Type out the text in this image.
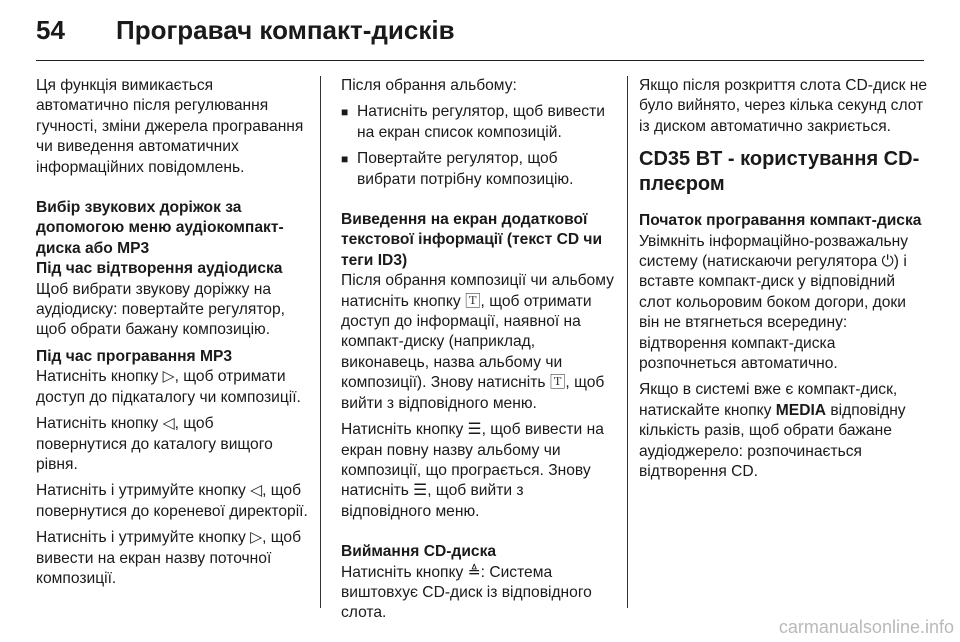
54	Програвач компакт-дисків

Ця функція вимикається автоматично після регулювання гучності, зміни джерела програвання чи виведення автоматичних інформаційних повідомлень.

Вибір звукових доріжок за допомогою меню аудіокомпакт-диска або MP3
Під час відтворення аудіодиска

Щоб вибрати звукову доріжку на аудіодиску: повертайте регулятор, щоб обрати бажану композицію.

Під час програвання MP3

Натисніть кнопку ▷, щоб отримати доступ до підкаталогу чи композиції.

Натисніть кнопку ◁, щоб повернутися до каталогу вищого рівня.

Натисніть і утримуйте кнопку ◁, щоб повернутися до кореневої директорії.

Натисніть і утримуйте кнопку ▷, щоб вивести на екран назву поточної композиції.

Після обрання альбому:

■ Натисніть регулятор, щоб вивести на екран список композицій.
■ Повертайте регулятор, щоб вибрати потрібну композицію.
Виведення на екран додаткової текстової інформації (текст CD чи теги ID3)

Після обрання композиції чи альбому натисніть кнопку 🅃, щоб отримати доступ до інформації, наявної на компакт-диску (наприклад, виконавець, назва альбому чи композиції). Знову натисніть 🅃, щоб вийти з відповідного меню.

Натисніть кнопку ☰, щоб вивести на екран повну назву альбому чи композиції, що програється. Знову натисніть ☰, щоб вийти з відповідного меню.

Виймання CD-диска

Натисніть кнопку ≜: Система виштовхує CD-диск із відповідного слота.

Якщо після розкриття слота CD-диск не було вийнято, через кілька секунд слот із диском автоматично закриється.

CD35 BT - користування CD-плеєром
Початок програвання компакт-диска

Увімкніть інформаційно-розважальну систему (натискаючи регулятора ⏻) і вставте компакт-диск у відповідний слот кольоровим боком догори, доки він не втягнеться всередину: відтворення компакт-диска розпочнеться автоматично.

Якщо в системі вже є компакт-диск, натискайте кнопку MEDIA відповідну кількість разів, щоб обрати бажане аудіоджерело: розпочинається відтворення CD.

carmanualsonline.info
